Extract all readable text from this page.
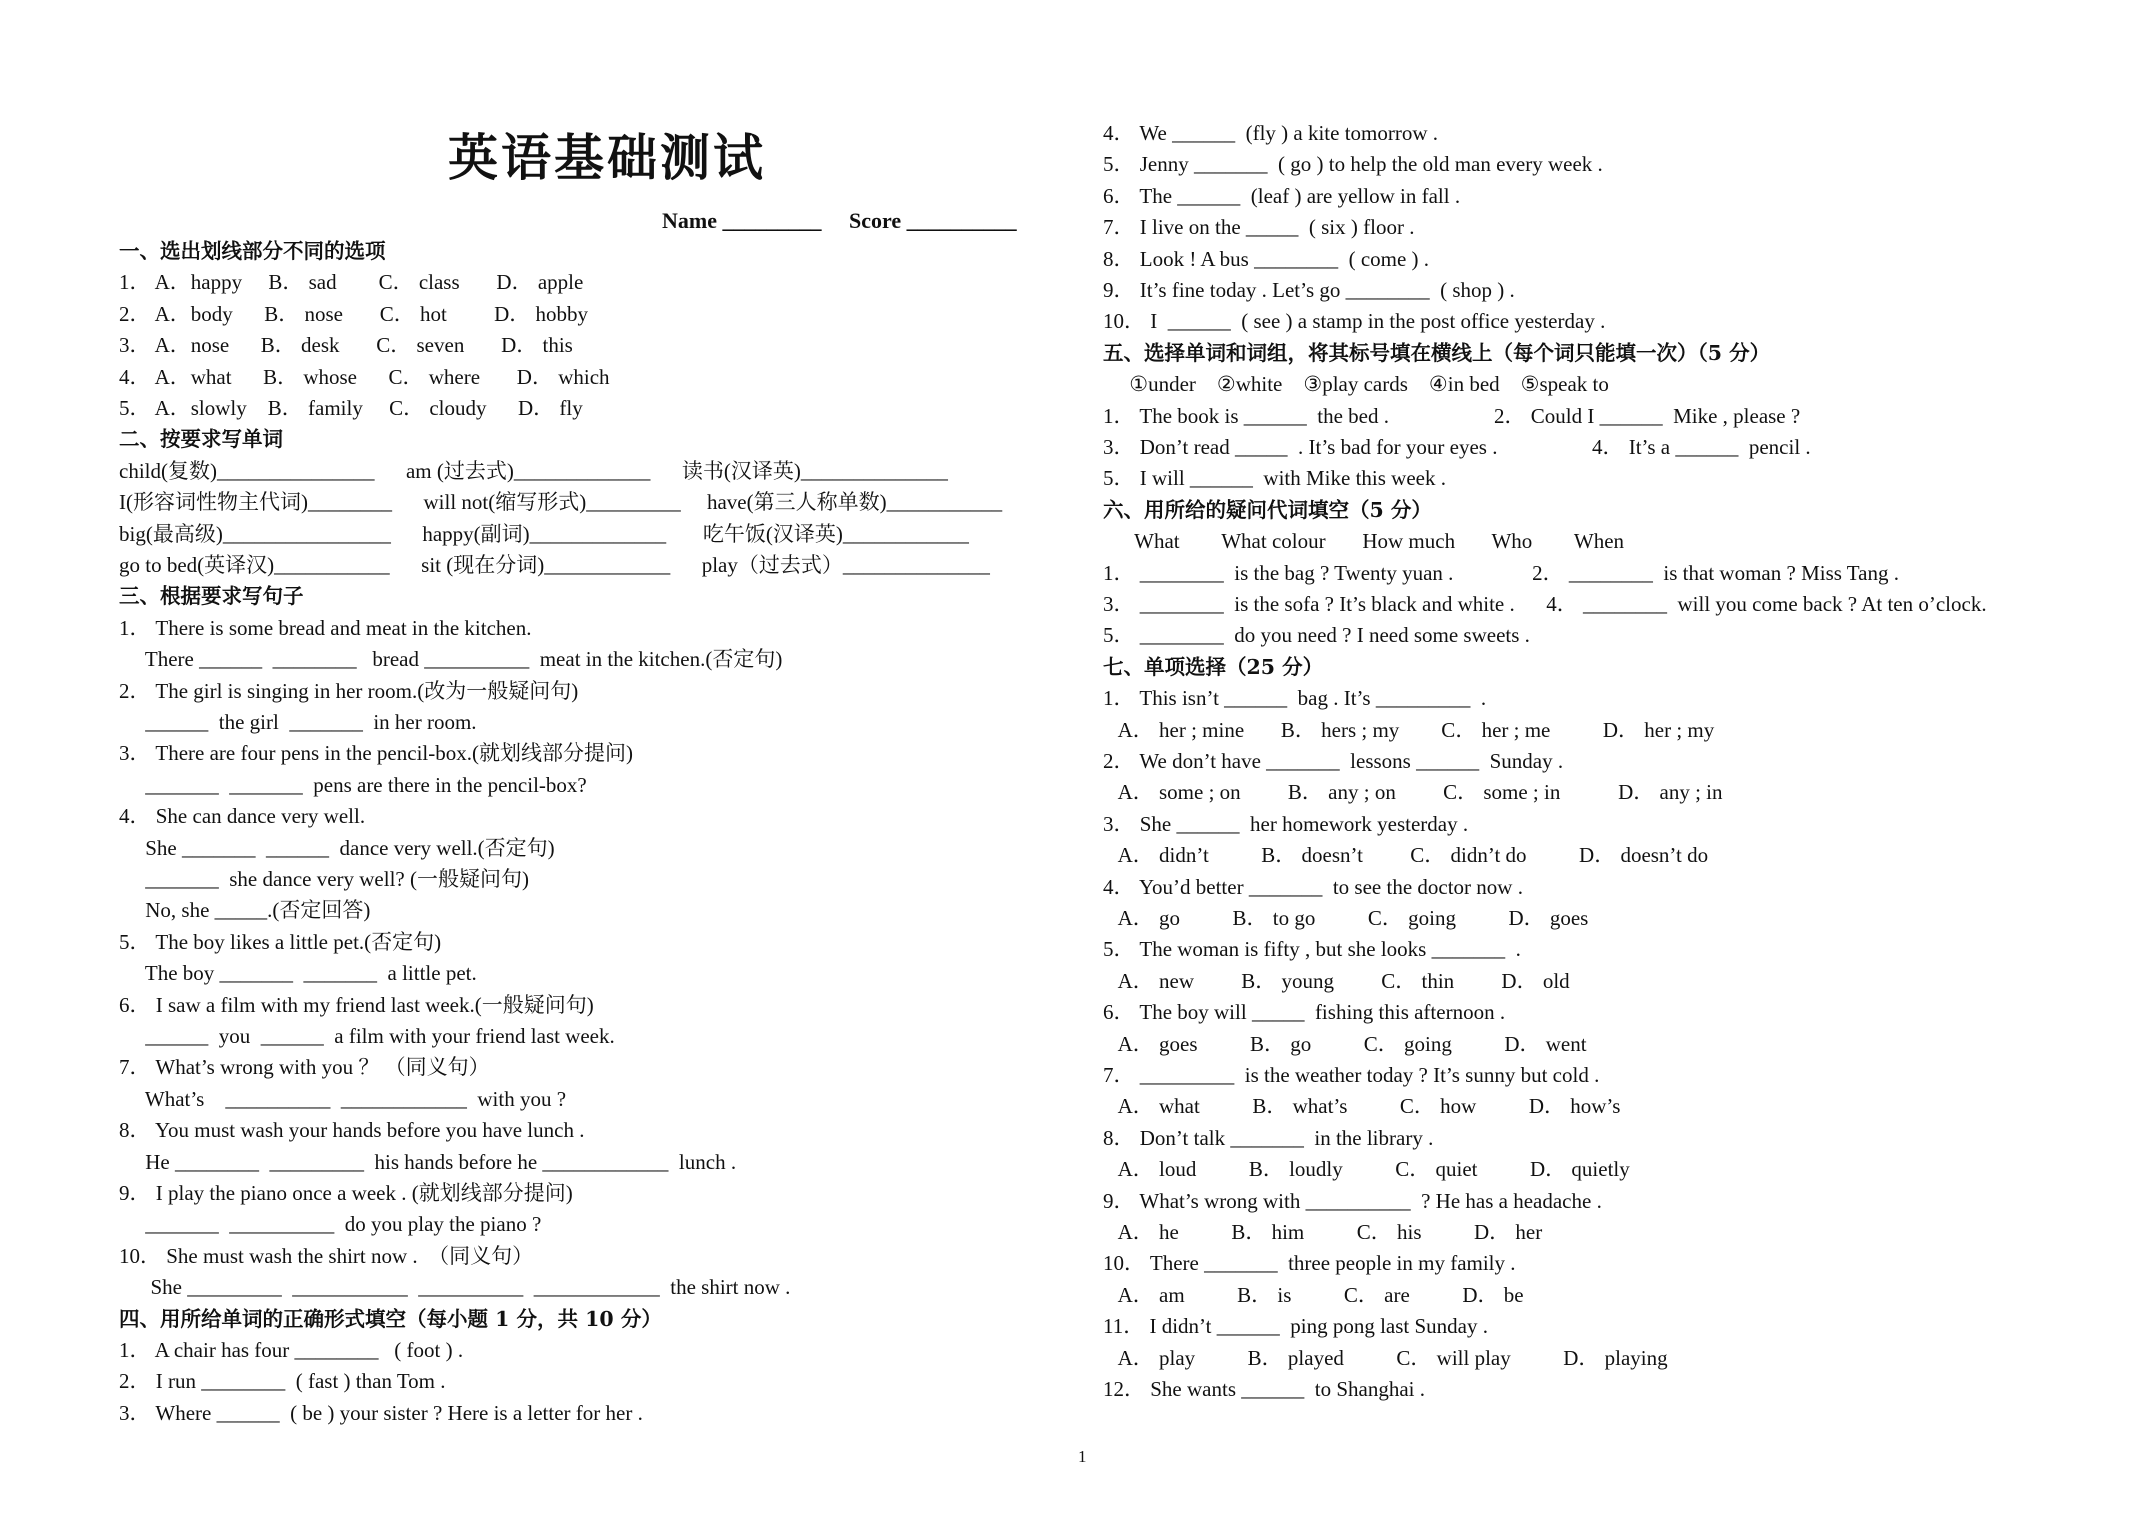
英语基础测试
Name _________     Score __________
一、选出划线部分不同的选项
1． A．happy     B． sad        C． class       D． apple
2． A．body      B． nose       C． hot         D． hobby
3． A．nose      B． desk       C． seven       D． this
4． A．what      B． whose      C． where       D． which
5． A．slowly    B． family     C． cloudy      D． fly
二、按要求写单词
child(复数)_______________      am (过去式)_____________      读书(汉译英)______________
I(形容词性物主代词)________      will not(缩写形式)_________     have(第三人称单数)___________
big(最高级)________________      happy(副词)_____________       吃午饭(汉译英)____________
go to bed(英译汉)___________      sit (现在分词)____________      play（过去式）______________
三、根据要求写句子
1． There is some bread and meat in the kitchen.
There ______  ________   bread __________  meat in the kitchen.(否定句)
2． The girl is singing in her room.(改为一般疑问句)
______  the girl  _______  in her room.
3． There are four pens in the pencil-box.(就划线部分提问)
_______  _______  pens are there in the pencil-box?
4． She can dance very well.
She _______  ______  dance very well.(否定句)
_______  she dance very well? (一般疑问句)
No, she _____.(否定回答)
5． The boy likes a little pet.(否定句)
The boy _______  _______  a little pet.
6． I saw a film with my friend last week.(一般疑问句)
______  you  ______  a film with your friend last week.
7． What’s wrong with you ？ （同义句）
What’s    __________  ____________  with you ?
8． You must wash your hands before you have lunch .
He ________  _________  his hands before he ____________  lunch .
9． I play the piano once a week . (就划线部分提问)
_______  __________  do you play the piano ?
10． She must wash the shirt now .  （同义句）
She _________  ___________  __________  ____________  the shirt now .
四、用所给单词的正确形式填空（每小题 1 分，共 10 分）
1． A chair has four ________   ( foot ) .
2． I run ________  ( fast ) than Tom .
3． Where ______  ( be ) your sister ? Here is a letter for her .
4． We ______  (fly ) a kite tomorrow .
5． Jenny _______  ( go ) to help the old man every week .
6． The ______  (leaf ) are yellow in fall .
7． I live on the _____  ( six ) floor .
8． Look ! A bus ________  ( come ) .
9． It’s fine today . Let’s go ________  ( shop ) .
10． I  ______  ( see ) a stamp in the post office yesterday .
五、选择单词和词组，将其标号填在横线上（每个词只能填一次）（5 分）
①under    ②white    ③play cards    ④in bed    ⑤speak to
1． The book is ______  the bed .                    2． Could I ______  Mike , please ?
3． Don’t read _____  . It’s bad for your eyes .                  4． It’s a ______  pencil .
5． I will ______  with Mike this week .
六、用所给的疑问代词填空（5 分）
What        What colour       How much       Who        When
1． ________  is the bag ? Twenty yuan .               2． ________  is that woman ? Miss Tang .
3． ________  is the sofa ? It’s black and white .      4． ________  will you come back ? At ten o’clock.
5． ________  do you need ? I need some sweets .
七、单项选择（25 分）
1． This isn’t ______  bag . It’s _________  .
A． her ; mine       B． hers ; my        C． her ; me          D． her ; my
2． We don’t have _______  lessons ______  Sunday .
A． some ; on         B． any ; on         C． some ; in           D． any ; in
3． She ______  her homework yesterday .
A． didn’t          B． doesn’t         C． didn’t do          D． doesn’t do
4． You’d better _______  to see the doctor now .
A． go          B． to go          C． going          D． goes
5． The woman is fifty , but she looks _______  .
A． new         B． young         C． thin         D． old
6． The boy will _____  fishing this afternoon .
A． goes          B． go          C． going          D． went
7． _________  is the weather today ? It’s sunny but cold .
A． what          B． what’s          C． how          D． how’s
8． Don’t talk _______  in the library .
A． loud          B． loudly          C． quiet          D． quietly
9． What’s wrong with __________  ? He has a headache .
A． he          B． him          C． his          D． her
10． There _______  three people in my family .
A． am          B． is          C． are          D． be
11． I didn’t ______  ping pong last Sunday .
A． play          B． played          C． will play          D． playing
12． She wants ______  to Shanghai .
1
